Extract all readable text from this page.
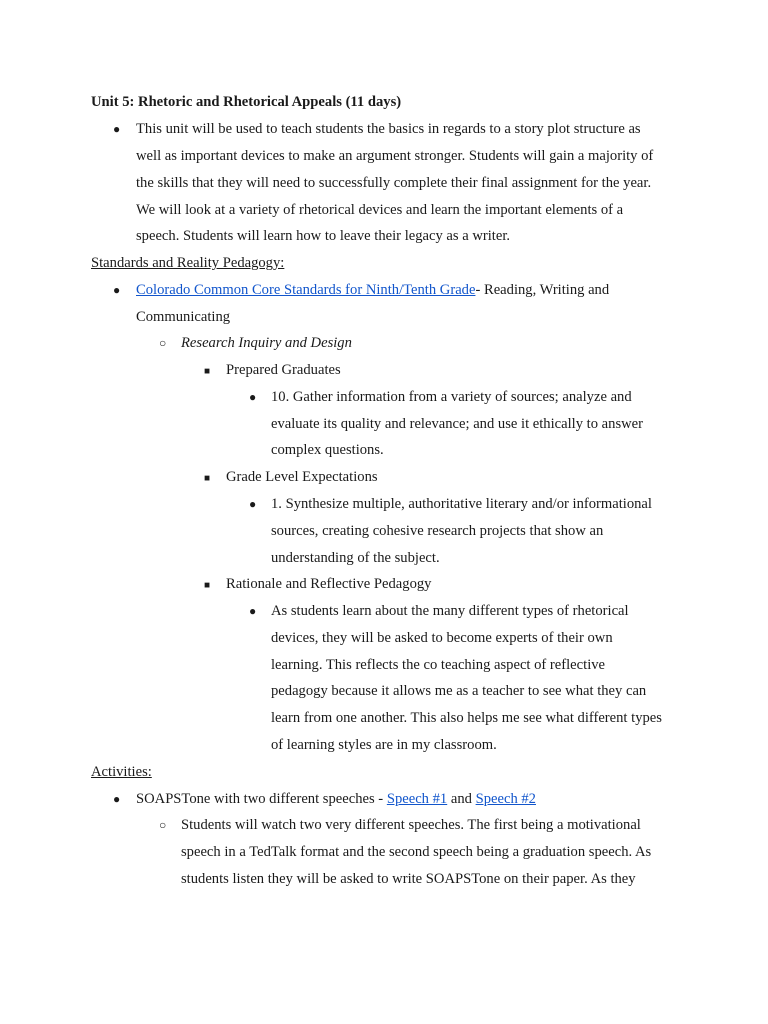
Unit 5: Rhetoric and Rhetorical Appeals (11 days)
●
This unit will be used to teach students the basics in regards to a story plot structure as
well as important devices to make an argument stronger. Students will gain a majority of
the skills that they will need to successfully complete their final assignment for the year.
We will look at a variety of rhetorical devices and learn the important elements of a
speech. Students will learn how to leave their legacy as a writer.
Standards and Reality Pedagogy:
●
Colorado Common Core Standards for Ninth/Tenth Grade- Reading, Writing and
Communicating
○
Research Inquiry and Design
■
Prepared Graduates
●
10. Gather information from a variety of sources; analyze and
evaluate its quality and relevance; and use it ethically to answer
complex questions.
■
Grade Level Expectations
●
1. Synthesize multiple, authoritative literary and/or informational
sources, creating cohesive research projects that show an
understanding of the subject.
■
Rationale and Reflective Pedagogy
●
As students learn about the many different types of rhetorical
devices, they will be asked to become experts of their own
learning. This reflects the co teaching aspect of reflective
pedagogy because it allows me as a teacher to see what they can
learn from one another. This also helps me see what different types
of learning styles are in my classroom.
Activities:
●
SOAPSTone with two different speeches - Speech #1 and Speech #2
○
Students will watch two very different speeches. The first being a motivational
speech in a TedTalk format and the second speech being a graduation speech. As
students listen they will be asked to write SOAPSTone on their paper. As they
